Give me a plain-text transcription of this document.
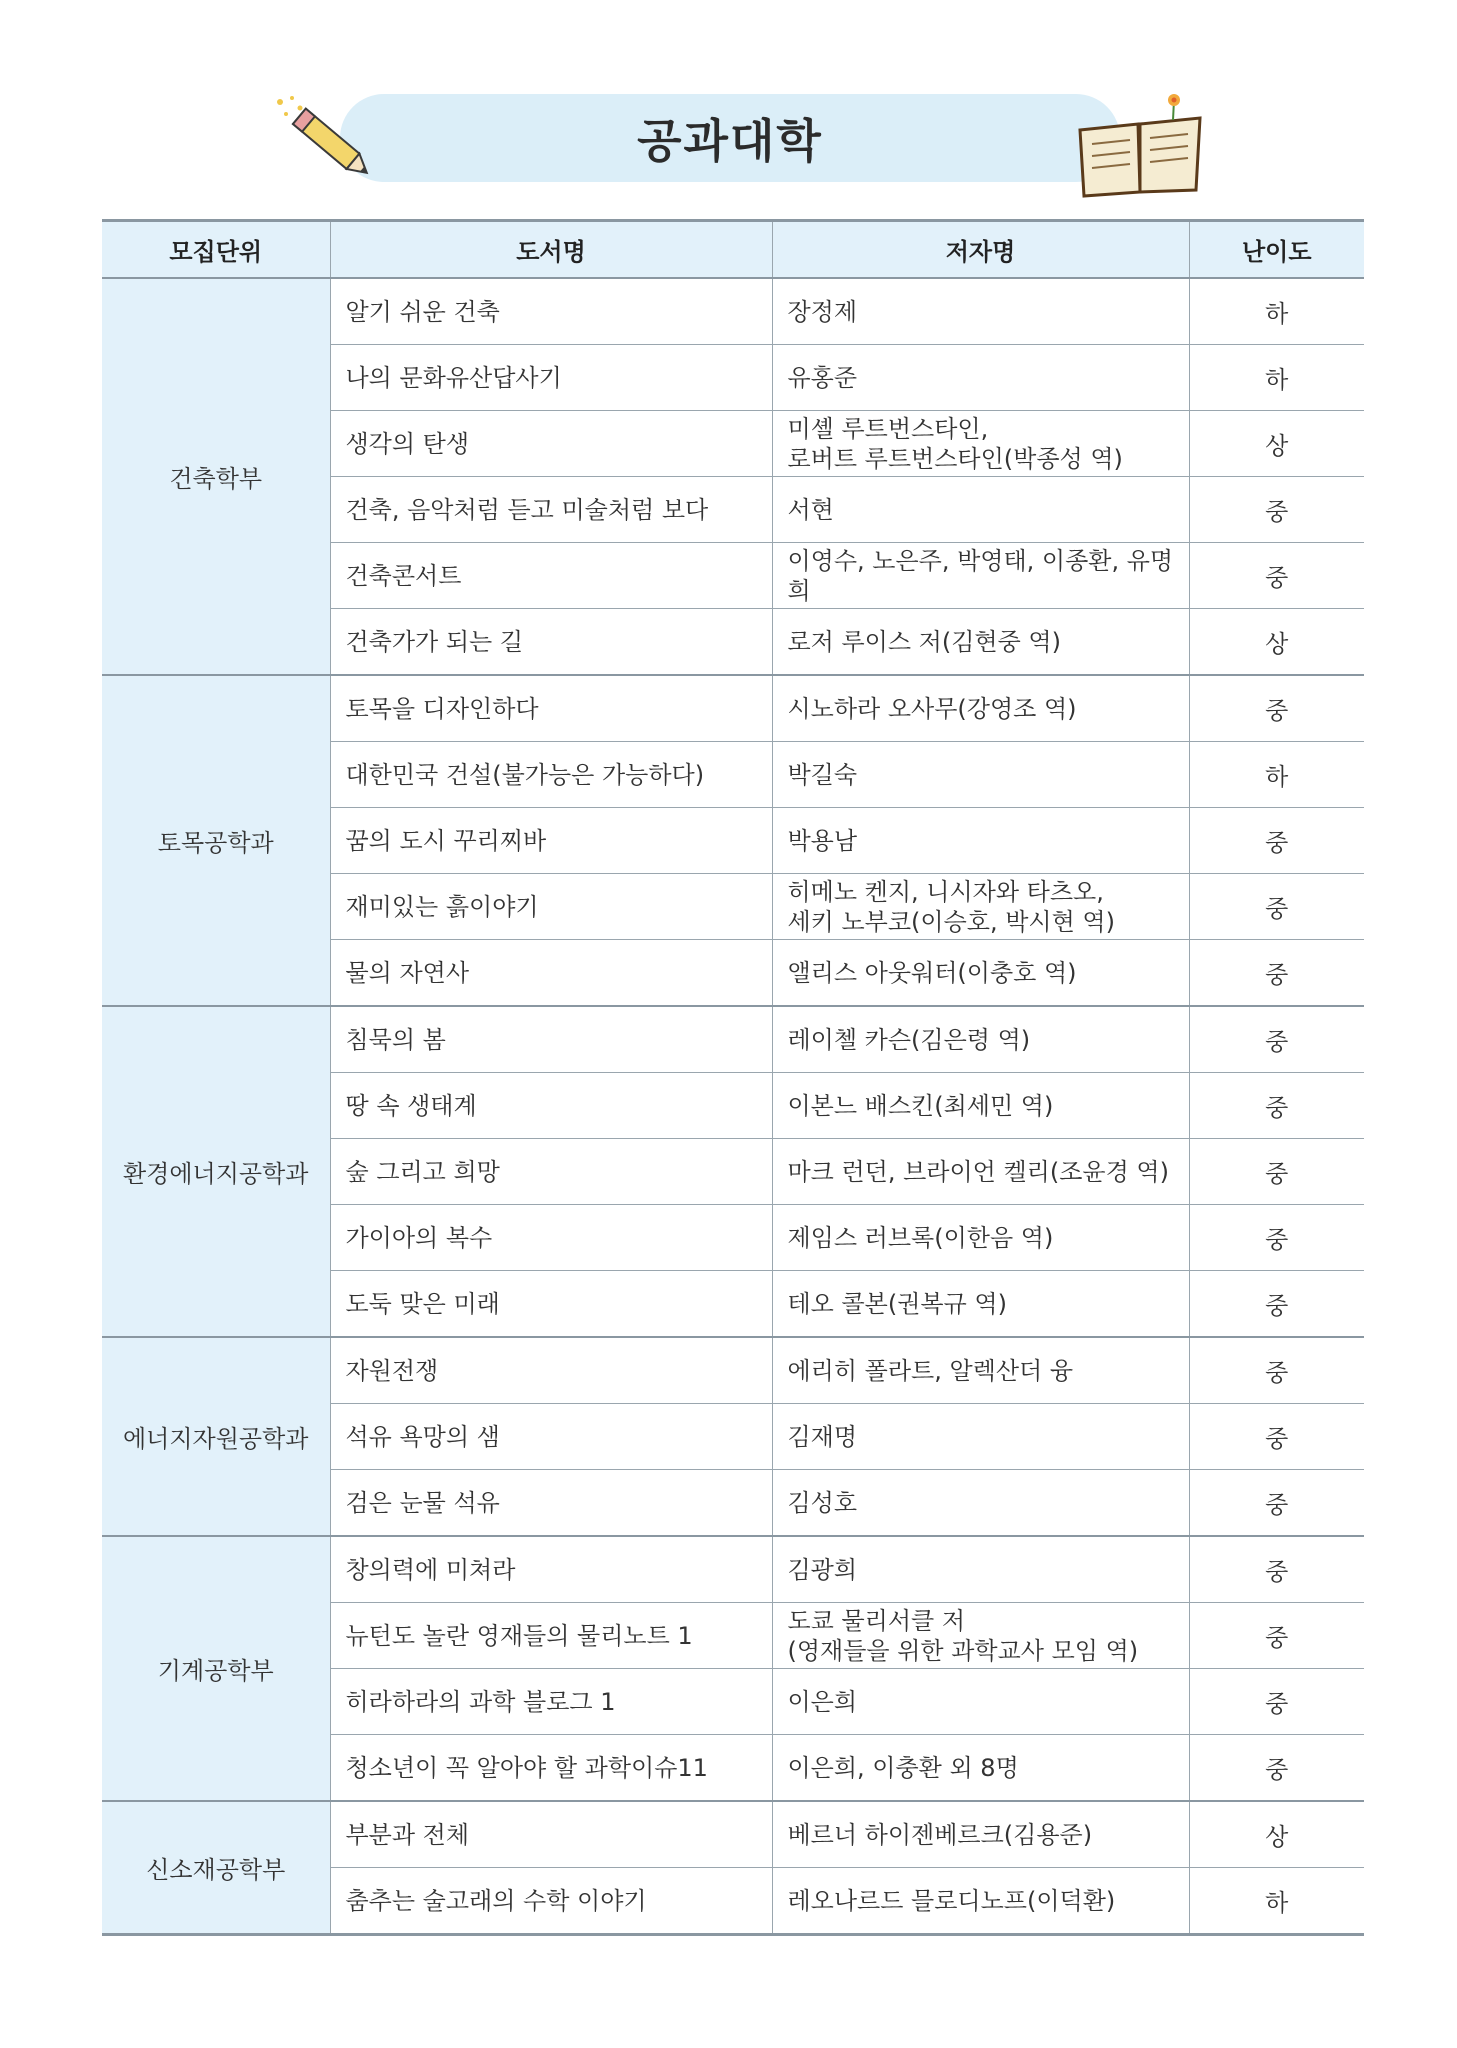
공과대학
모집단위	도서명	저자명	난이도
건축학부	알기 쉬운 건축	장정제	하
	나의 문화유산답사기	유홍준	하
	생각의 탄생	미셸 루트번스타인,
로버트 루트번스타인(박종성 역)	상
	건축, 음악처럼 듣고 미술처럼 보다	서현	중
	건축콘서트	이영수, 노은주, 박영태, 이종환, 유명희	중
	건축가가 되는 길	로저 루이스 저(김현중 역)	상
토목공학과	토목을 디자인하다	시노하라 오사무(강영조 역)	중
	대한민국 건설(불가능은 가능하다)	박길숙	하
	꿈의 도시 꾸리찌바	박용남	중
	재미있는 흙이야기	히메노 켄지, 니시자와 타츠오,
세키 노부코(이승호, 박시현 역)	중
	물의 자연사	앨리스 아웃워터(이충호 역)	중
환경에너지공학과	침묵의 봄	레이첼 카슨(김은령 역)	중
	땅 속 생태계	이본느 배스킨(최세민 역)	중
	숲 그리고 희망	마크 런던, 브라이언 켈리(조윤경 역)	중
	가이아의 복수	제임스 러브록(이한음 역)	중
	도둑 맞은 미래	테오 콜본(권복규 역)	중
에너지자원공학과	자원전쟁	에리히 폴라트, 알렉산더 융	중
	석유 욕망의 샘	김재명	중
	검은 눈물 석유	김성호	중
기계공학부	창의력에 미쳐라	김광희	중
	뉴턴도 놀란 영재들의 물리노트 1	도쿄 물리서클 저
(영재들을 위한 과학교사 모임 역)	중
	히라하라의 과학 블로그 1	이은희	중
	청소년이 꼭 알아야 할 과학이슈11	이은희, 이충환 외 8명	중
신소재공학부	부분과 전체	베르너 하이젠베르크(김용준)	상
	춤추는 술고래의 수학 이야기	레오나르드 믈로디노프(이덕환)	하
